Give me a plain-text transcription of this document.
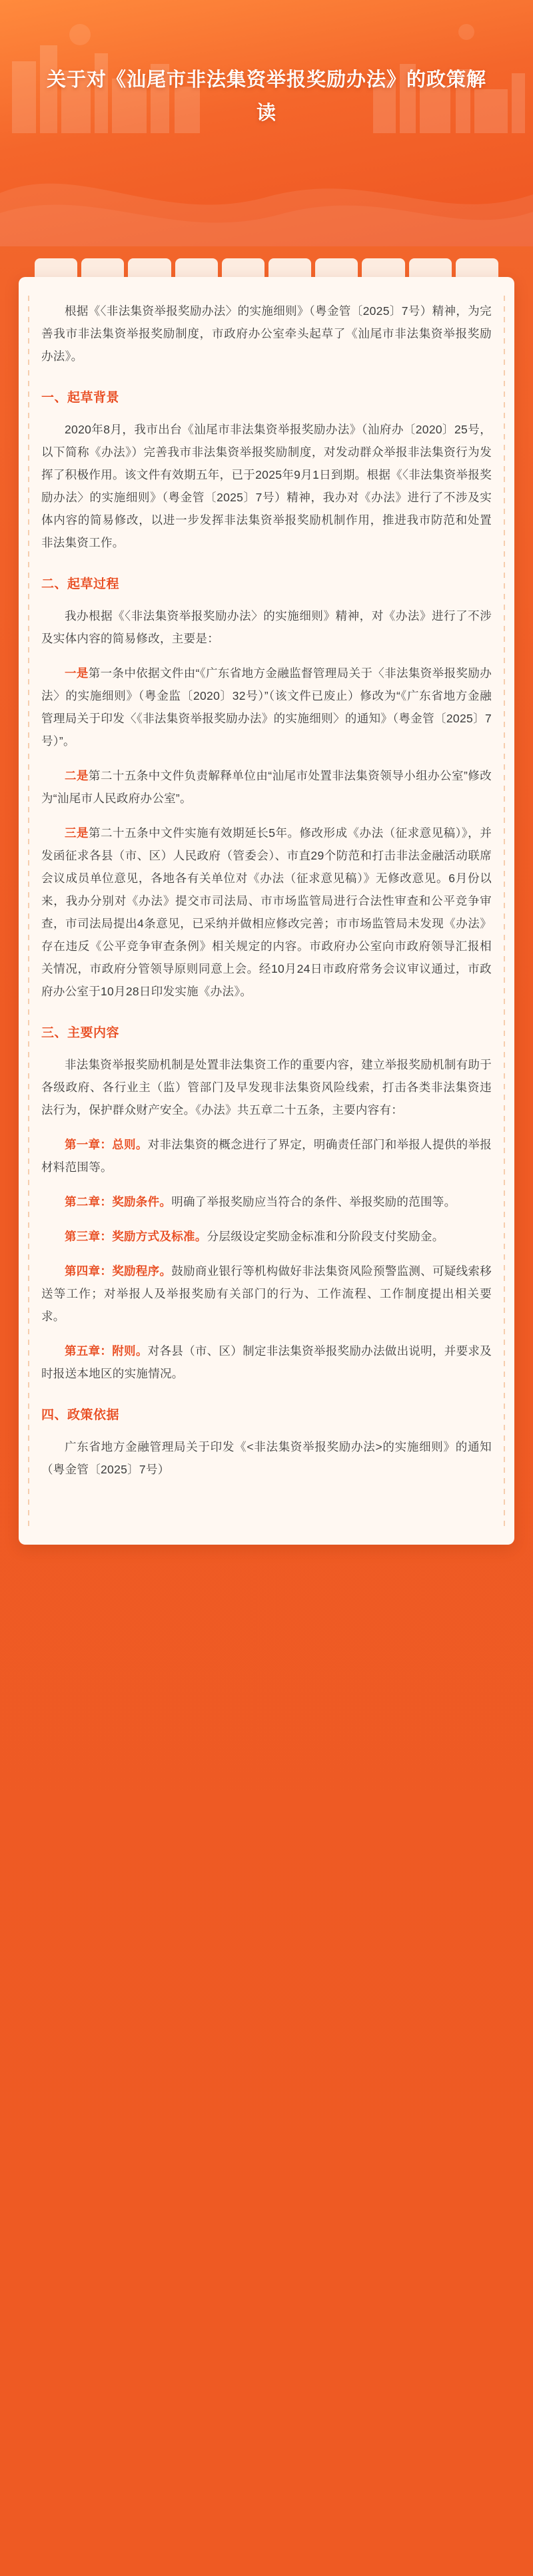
关于对《汕尾市非法集资举报奖励办法》的政策解读

根据《〈非法集资举报奖励办法〉的实施细则》（粤金管〔2025〕7号）精神，为完善我市非法集资举报奖励制度，市政府办公室牵头起草了《汕尾市非法集资举报奖励办法》。

一、起草背景

2020年8月，我市出台《汕尾市非法集资举报奖励办法》（汕府办〔2020〕25号，以下简称《办法》）完善我市非法集资举报奖励制度，对发动群众举报非法集资行为发挥了积极作用。该文件有效期五年，已于2025年9月1日到期。根据《〈非法集资举报奖励办法〉的实施细则》（粤金管〔2025〕7号）精神，我办对《办法》进行了不涉及实体内容的简易修改，以进一步发挥非法集资举报奖励机制作用，推进我市防范和处置非法集资工作。

二、起草过程

我办根据《〈非法集资举报奖励办法〉的实施细则》精神，对《办法》进行了不涉及实体内容的简易修改，主要是：

一是第一条中依据文件由“《广东省地方金融监督管理局关于〈非法集资举报奖励办法〉的实施细则》（粤金监〔2020〕32号）”（该文件已废止）修改为“《广东省地方金融管理局关于印发〈《非法集资举报奖励办法》的实施细则〉的通知》（粤金管〔2025〕7号）”。

二是第二十五条中文件负责解释单位由“汕尾市处置非法集资领导小组办公室”修改为“汕尾市人民政府办公室”。

三是第二十五条中文件实施有效期延长5年。修改形成《办法（征求意见稿）》，并发函征求各县（市、区）人民政府（管委会）、市直29个防范和打击非法金融活动联席会议成员单位意见，各地各有关单位对《办法（征求意见稿）》无修改意见。6月份以来，我办分别对《办法》提交市司法局、市市场监管局进行合法性审查和公平竞争审查，市司法局提出4条意见，已采纳并做相应修改完善；市市场监管局未发现《办法》存在违反《公平竞争审查条例》相关规定的内容。市政府办公室向市政府领导汇报相关情况，市政府分管领导原则同意上会。经10月24日市政府常务会议审议通过，市政府办公室于10月28日印发实施《办法》。

三、主要内容

非法集资举报奖励机制是处置非法集资工作的重要内容，建立举报奖励机制有助于各级政府、各行业主（监）管部门及早发现非法集资风险线索，打击各类非法集资违法行为，保护群众财产安全。《办法》共五章二十五条，主要内容有：

第一章：总则。对非法集资的概念进行了界定，明确责任部门和举报人提供的举报材料范围等。

第二章：奖励条件。明确了举报奖励应当符合的条件、举报奖励的范围等。

第三章：奖励方式及标准。分层级设定奖励金标准和分阶段支付奖励金。

第四章：奖励程序。鼓励商业银行等机构做好非法集资风险预警监测、可疑线索移送等工作；对举报人及举报奖励有关部门的行为、工作流程、工作制度提出相关要求。

第五章：附则。对各县（市、区）制定非法集资举报奖励办法做出说明，并要求及时报送本地区的实施情况。

四、政策依据

广东省地方金融管理局关于印发《<非法集资举报奖励办法>的实施细则》的通知（粤金管〔2025〕7号）
